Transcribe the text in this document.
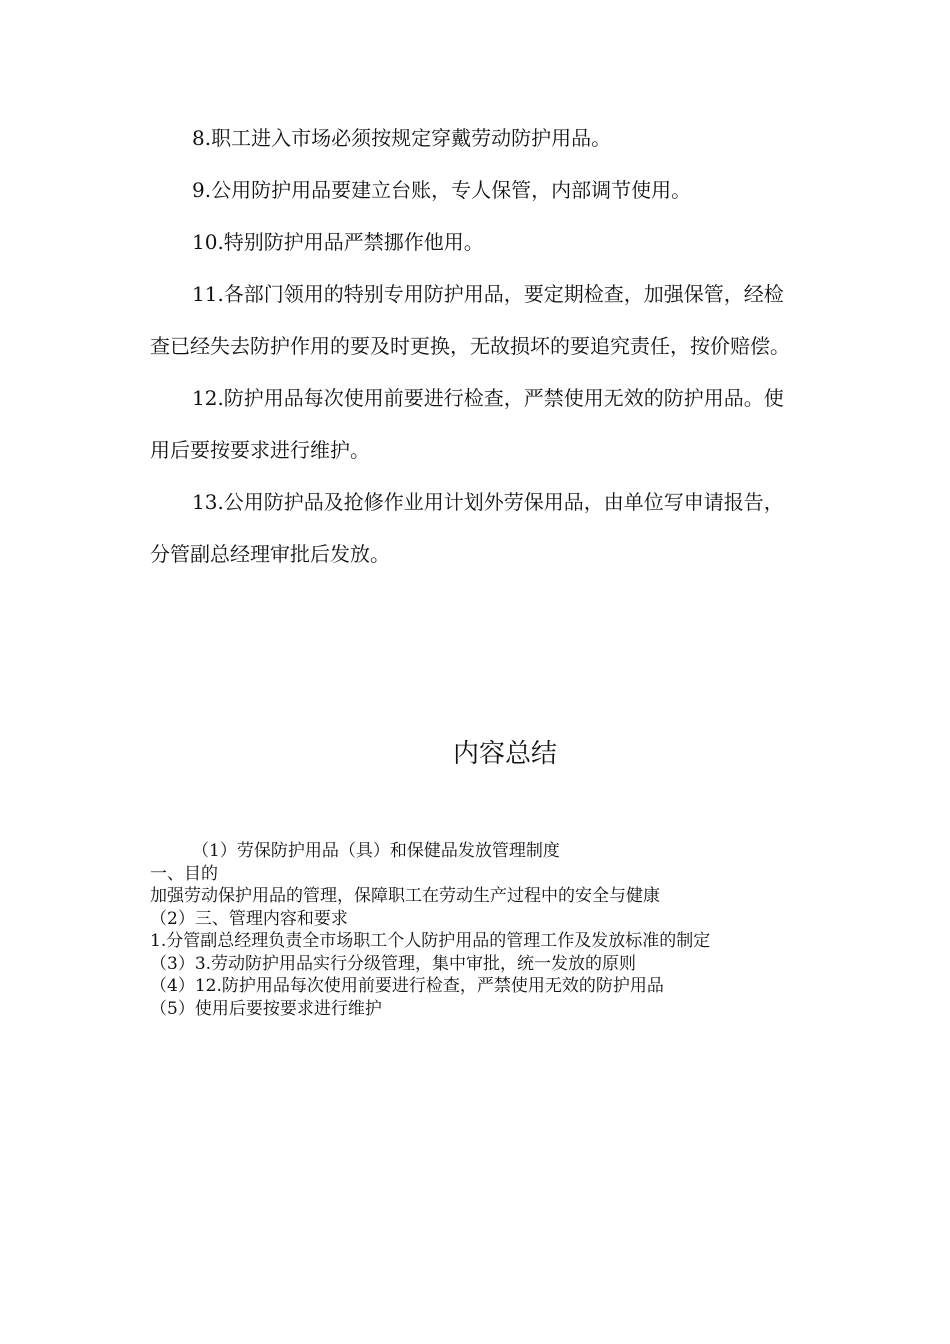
8.职工进入市场必须按规定穿戴劳动防护用品。

9.公用防护用品要建立台账，专人保管，内部调节使用。

10.特别防护用品严禁挪作他用。

11.各部门领用的特别专用防护用品，要定期检查，加强保管，经检查已经失去防护作用的要及时更换，无故损坏的要追究责任，按价赔偿。

12.防护用品每次使用前要进行检查，严禁使用无效的防护用品。使用后要按要求进行维护。

13.公用防护品及抢修作业用计划外劳保用品，由单位写申请报告，分管副总经理审批后发放。

内容总结
（1）劳保防护用品（具）和保健品发放管理制度
一、目的
加强劳动保护用品的管理，保障职工在劳动生产过程中的安全与健康
（2）三、管理内容和要求
1.分管副总经理负责全市场职工个人防护用品的管理工作及发放标准的制定
（3）3.劳动防护用品实行分级管理，集中审批，统一发放的原则
（4）12.防护用品每次使用前要进行检查，严禁使用无效的防护用品
（5）使用后要按要求进行维护
